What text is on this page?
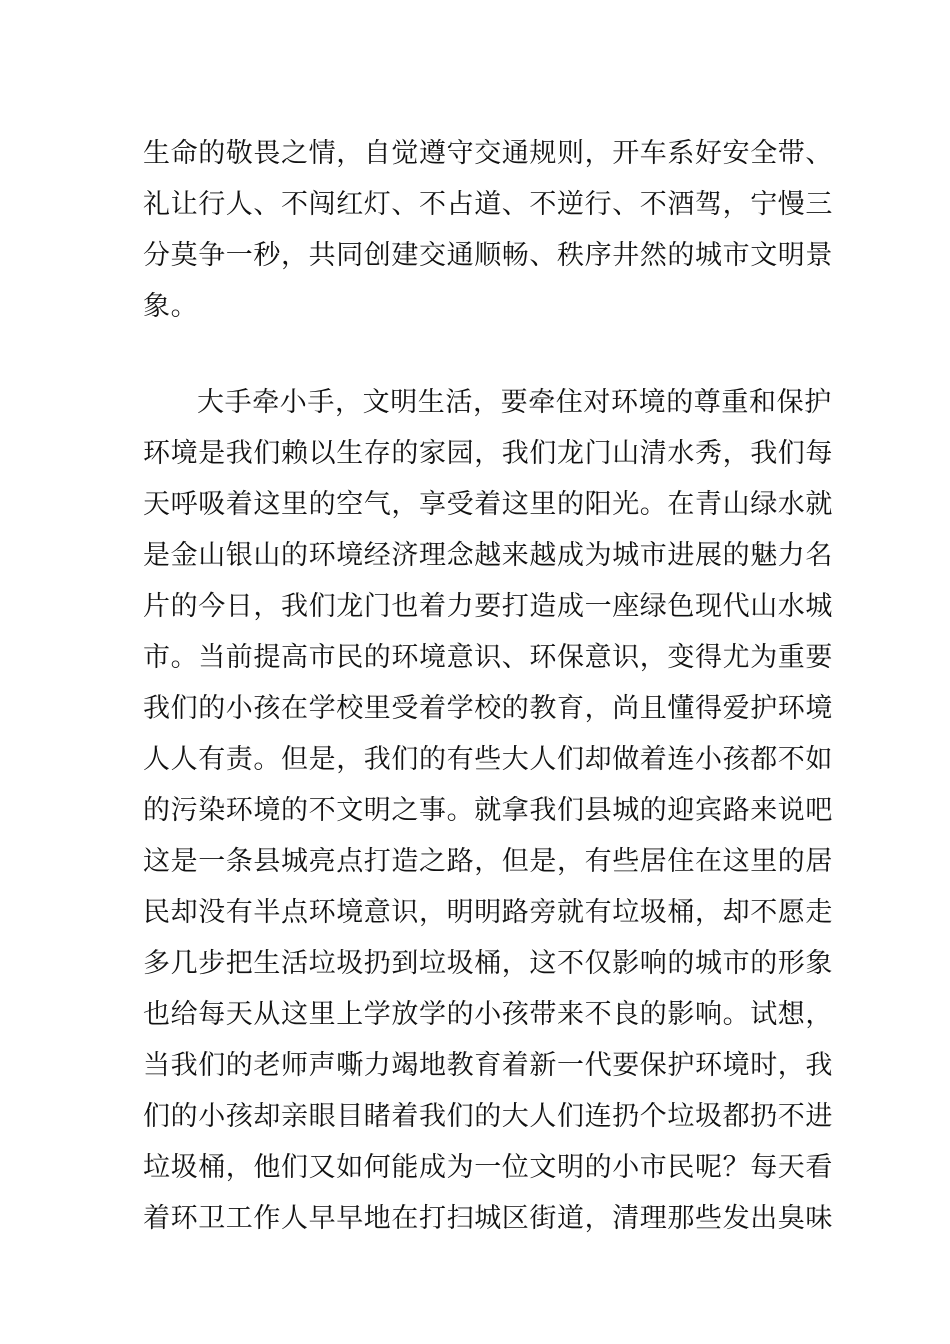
生命的敬畏之情，自觉遵守交通规则，开车系好安全带、
礼让行人、不闯红灯、不占道、不逆行、不酒驾，宁慢三
分莫争一秒，共同创建交通顺畅、秩序井然的城市文明景
象。
大手牵小手，文明生活，要牵住对环境的尊重和保护
环境是我们赖以生存的家园，我们龙门山清水秀，我们每
天呼吸着这里的空气，享受着这里的阳光。在青山绿水就
是金山银山的环境经济理念越来越成为城市进展的魅力名
片的今日，我们龙门也着力要打造成一座绿色现代山水城
市。当前提高市民的环境意识、环保意识，变得尤为重要
我们的小孩在学校里受着学校的教育，尚且懂得爱护环境
人人有责。但是，我们的有些大人们却做着连小孩都不如
的污染环境的不文明之事。就拿我们县城的迎宾路来说吧
这是一条县城亮点打造之路，但是，有些居住在这里的居
民却没有半点环境意识，明明路旁就有垃圾桶，却不愿走
多几步把生活垃圾扔到垃圾桶，这不仅影响的城市的形象
也给每天从这里上学放学的小孩带来不良的影响。试想，
当我们的老师声嘶力竭地教育着新一代要保护环境时，我
们的小孩却亲眼目睹着我们的大人们连扔个垃圾都扔不进
垃圾桶，他们又如何能成为一位文明的小市民呢？每天看
着环卫工作人早早地在打扫城区街道，清理那些发出臭味
